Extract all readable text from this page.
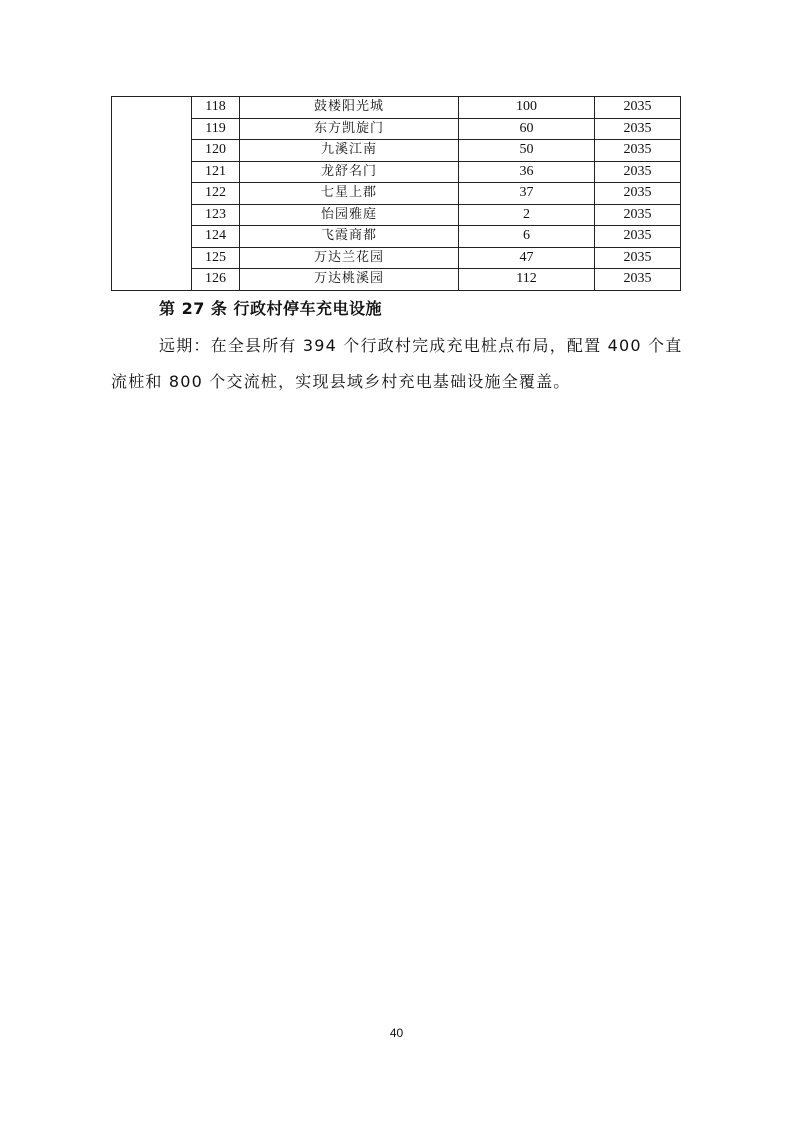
	118	鼓楼阳光城	100	2035
	119	东方凯旋门	60	2035
	120	九溪江南	50	2035
	121	龙舒名门	36	2035
	122	七星上郡	37	2035
	123	怡园雅庭	2	2035
	124	飞霞商都	6	2035
	125	万达兰花园	47	2035
	126	万达桃溪园	112	2035
第 27 条 行政村停车充电设施

远期：在全县所有 394 个行政村完成充电桩点布局，配置 400 个直流桩和 800 个交流桩，实现县域乡村充电基础设施全覆盖。

40
